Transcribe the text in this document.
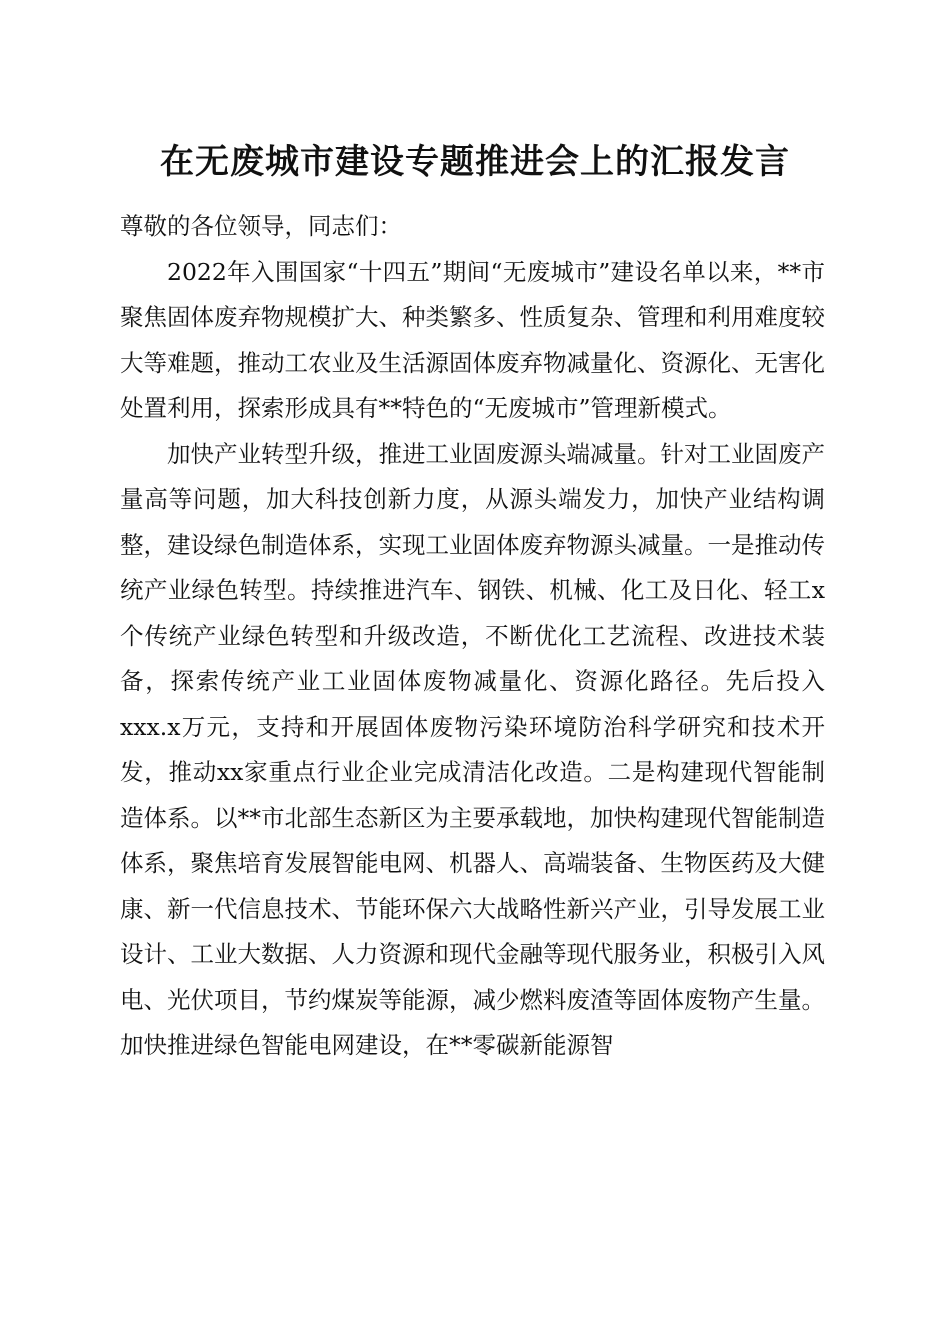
在无废城市建设专题推进会上的汇报发言

尊敬的各位领导，同志们：

2022年入围国家“十四五”期间“无废城市”建设名单以来，**市聚焦固体废弃物规模扩大、种类繁多、性质复杂、管理和利用难度较大等难题，推动工农业及生活源固体废弃物减量化、资源化、无害化处置利用，探索形成具有**特色的“无废城市”管理新模式。

加快产业转型升级，推进工业固废源头端减量。针对工业固废产量高等问题，加大科技创新力度，从源头端发力，加快产业结构调整，建设绿色制造体系，实现工业固体废弃物源头减量。一是推动传统产业绿色转型。持续推进汽车、钢铁、机械、化工及日化、轻工x个传统产业绿色转型和升级改造，不断优化工艺流程、改进技术装备，探索传统产业工业固体废物减量化、资源化路径。先后投入xxx.x万元，支持和开展固体废物污染环境防治科学研究和技术开发，推动xx家重点行业企业完成清洁化改造。二是构建现代智能制造体系。以**市北部生态新区为主要承载地，加快构建现代智能制造体系，聚焦培育发展智能电网、机器人、高端装备、生物医药及大健康、新一代信息技术、节能环保六大战略性新兴产业，引导发展工业设计、工业大数据、人力资源和现代金融等现代服务业，积极引入风电、光伏项目，节约煤炭等能源，减少燃料废渣等固体废物产生量。加快推进绿色智能电网建设，在**零碳新能源智
